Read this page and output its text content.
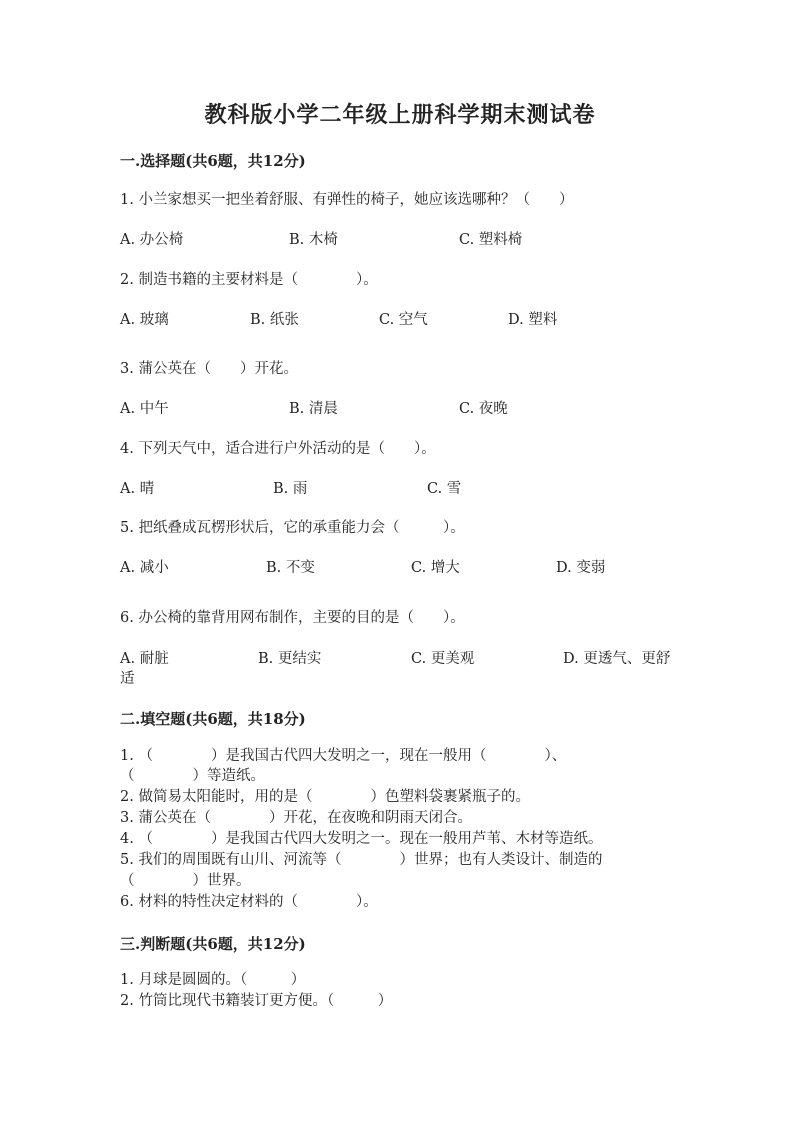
教科版小学二年级上册科学期末测试卷
一.选择题(共6题，共12分)
1. 小兰家想买一把坐着舒服、有弹性的椅子，她应该选哪种？（　　）
A. 办公椅	B. 木椅	C. 塑料椅
2. 制造书籍的主要材料是（　　　　）。
A. 玻璃	B. 纸张	C. 空气	D. 塑料
3. 蒲公英在（　　）开花。
A. 中午	B. 清晨	C. 夜晚
4. 下列天气中，适合进行户外活动的是（　　）。
A. 晴	B. 雨	C. 雪
5. 把纸叠成瓦楞形状后，它的承重能力会（　　　）。
A. 减小	B. 不变	C. 增大	D. 变弱
6. 办公椅的靠背用网布制作，主要的目的是（　　）。
A. 耐脏	B. 更结实	C. 更美观	D. 更透气、更舒
适
二.填空题(共6题，共18分)
1. （　　　　）是我国古代四大发明之一，现在一般用（　　　　）、
（　　　　）等造纸。
2. 做简易太阳能时，用的是（　　　　）色塑料袋裹紧瓶子的。
3. 蒲公英在（　　　　）开花，在夜晚和阴雨天闭合。
4. （　　　　）是我国古代四大发明之一。现在一般用芦苇、木材等造纸。
5. 我们的周围既有山川、河流等（　　　　）世界；也有人类设计、制造的
（　　　　）世界。
6. 材料的特性决定材料的（　　　　）。
三.判断题(共6题，共12分)
1. 月球是圆圆的。（　　　）
2. 竹筒比现代书籍装订更方便。（　　　）
